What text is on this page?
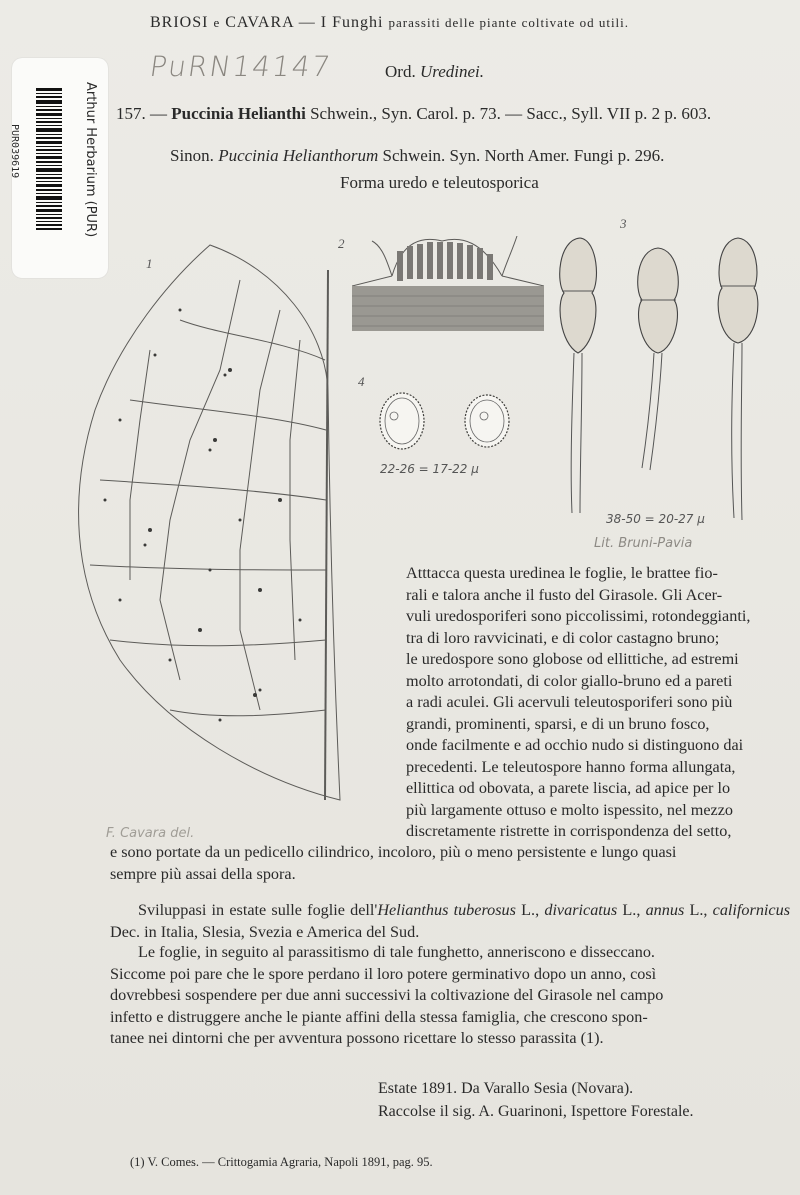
BRIOSI e CAVARA — I Funghi parassiti delle piante coltivate od utili.
PuRN14147	Ord. Uredinei.
157. — Puccinia Helianthi Schwein., Syn. Carol. p. 73. — Sacc., Syll. VII p. 2 p. 603.
Sinon. Puccinia Helianthorum Schwein. Syn. North Amer. Fungi p. 296.
Forma uredo e teleutosporica
Arthur Herbarium (PUR)
PUR039619
1
2
4
22-26 = 17-22 μ
3
38-50 = 20-27 μ
Lit. Bruni-Pavia
F. Cavara del.

Atttacca questa uredinea le foglie, le brattee fio-

rali e talora anche il fusto del Girasole. Gli Acer-

vuli uredosporiferi sono piccolissimi, rotondeggianti,

tra di loro ravvicinati, e di color castagno bruno;

le uredospore sono globose od ellittiche, ad estremi

molto arrotondati, di color giallo-bruno ed a pareti

a radi aculei. Gli acervuli teleutosporiferi sono più

grandi, prominenti, sparsi, e di un bruno fosco,

onde facilmente e ad occhio nudo si distinguono dai

precedenti. Le teleutospore hanno forma allungata,

ellittica od obovata, a parete liscia, ad apice per lo

più largamente ottuso e molto ispessito, nel mezzo

discretamente ristrette in corrispondenza del setto,

e sono portate da un pedicello cilindrico, incoloro, più o meno persistente e lungo quasi

sempre più assai della spora.

Sviluppasi in estate sulle foglie dell'Helianthus tuberosus L., divaricatus L., annus L., californicus Dec. in Italia, Slesia, Svezia e America del Sud.

Le foglie, in seguito al parassitismo di tale funghetto, anneriscono e disseccano.

Siccome poi pare che le spore perdano il loro potere germinativo dopo un anno, così

dovrebbesi sospendere per due anni successivi la coltivazione del Girasole nel campo

infetto e distruggere anche le piante affini della stessa famiglia, che crescono spon-

tanee nei dintorni che per avventura possono ricettare lo stesso parassita (1).

Estate 1891. Da Varallo Sesia (Novara).
Raccolse il sig. A. Guarinoni, Ispettore Forestale.
(1) V. Comes. — Crittogamia Agraria, Napoli 1891, pag. 95.
